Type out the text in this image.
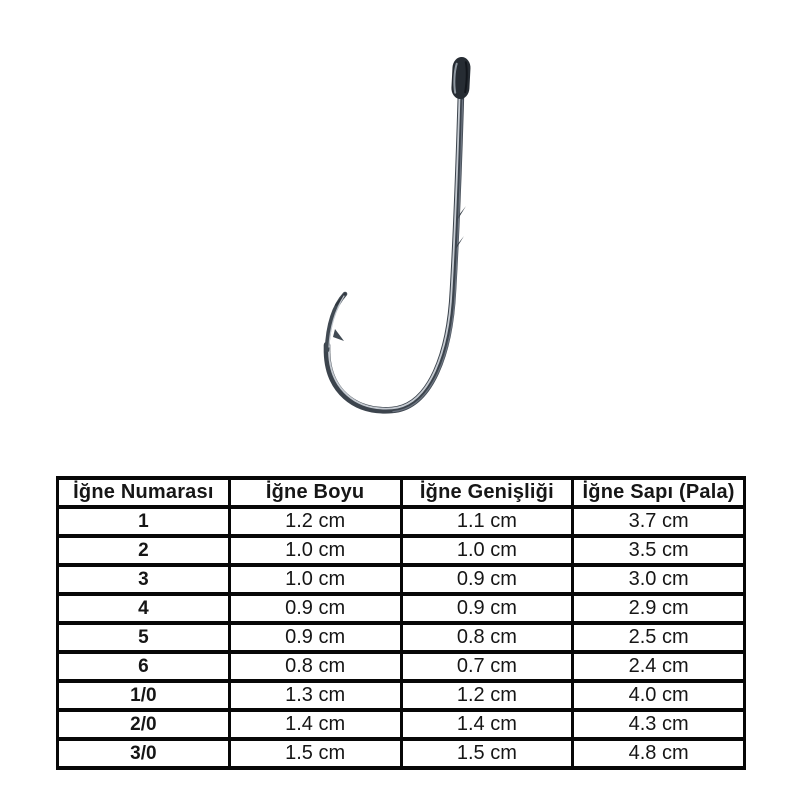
İğne Numarası	İğne Boyu	İğne Genişliği	İğne Sapı (Pala)
1	1.2 cm	1.1 cm	3.7 cm
2	1.0 cm	1.0 cm	3.5 cm
3	1.0 cm	0.9 cm	3.0 cm
4	0.9 cm	0.9 cm	2.9 cm
5	0.9 cm	0.8 cm	2.5 cm
6	0.8 cm	0.7 cm	2.4 cm
1/0	1.3 cm	1.2 cm	4.0 cm
2/0	1.4 cm	1.4 cm	4.3 cm
3/0	1.5 cm	1.5 cm	4.8 cm
